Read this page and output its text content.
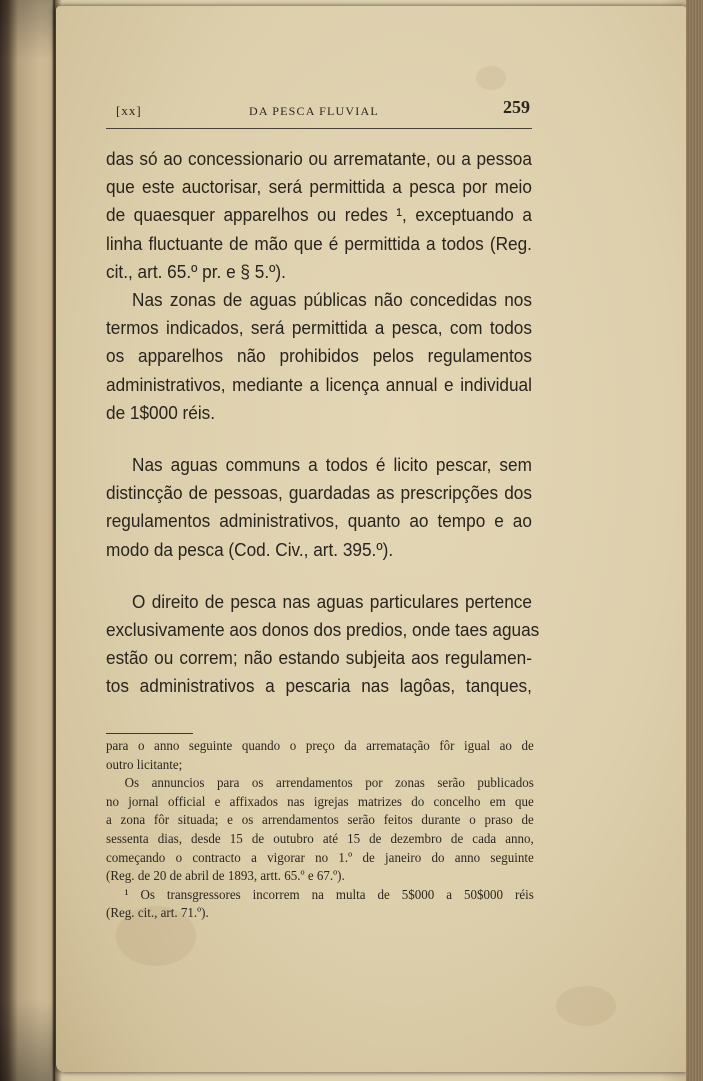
[xx]	DA PESCA FLUVIAL	259
das só ao concessionario ou arrematante, ou a pessoa
que este auctorisar, será permittida a pesca por meio
de quaesquer apparelhos ou redes ¹, exceptuando a
linha fluctuante de mão que é permittida a todos (Reg.
cit., art. 65.º pr. e § 5.º).
Nas zonas de aguas públicas não concedidas nos
termos indicados, será permittida a pesca, com todos
os apparelhos não prohibidos pelos regulamentos
administrativos, mediante a licença annual e individual
de 1$000 réis.
Nas aguas communs a todos é licito pescar, sem
distincção de pessoas, guardadas as prescripções dos
regulamentos administrativos, quanto ao tempo e ao
modo da pesca (Cod. Civ., art. 395.º).
O direito de pesca nas aguas particulares pertence
exclusivamente aos donos dos predios, onde taes aguas
estão ou correm; não estando subjeita aos regulamen-
tos administrativos a pescaria nas lagôas, tanques,
para o anno seguinte quando o preço da arrematação fôr igual ao de
outro licitante;
Os annuncios para os arrendamentos por zonas serão publicados
no jornal official e affixados nas igrejas matrizes do concelho em que
a zona fôr situada; e os arrendamentos serão feitos durante o praso de
sessenta dias, desde 15 de outubro até 15 de dezembro de cada anno,
começando o contracto a vigorar no 1.º de janeiro do anno seguinte
(Reg. de 20 de abril de 1893, artt. 65.º e 67.º).
¹ Os transgressores incorrem na multa de 5$000 a 50$000 réis
(Reg. cit., art. 71.º).
